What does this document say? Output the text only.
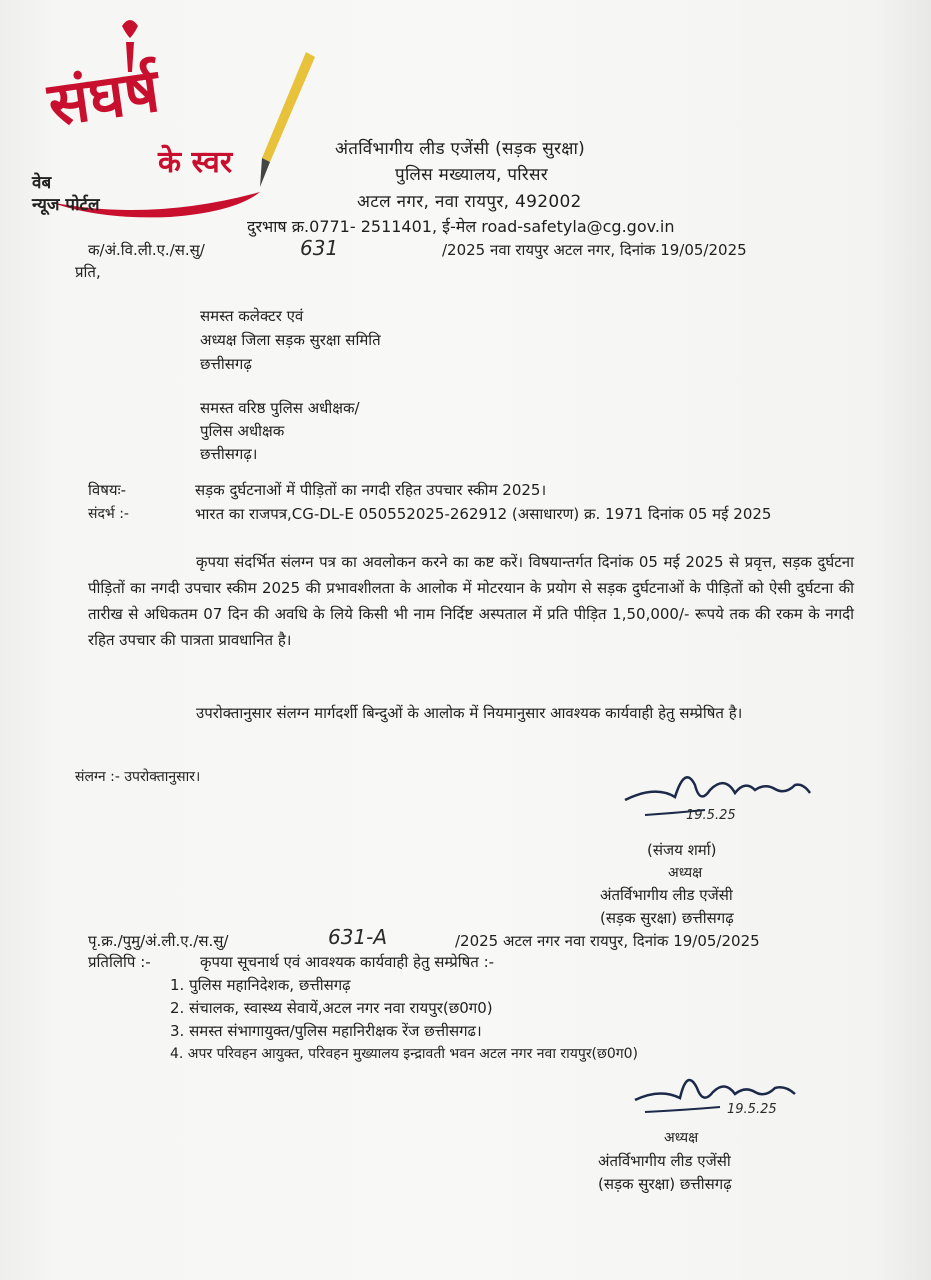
संघर्ष
के स्वर
वेब
न्यूज पोर्टल
अंतर्विभागीय लीड एजेंसी (सड़क सुरक्षा)
पुलिस मख्यालय, परिसर
अटल नगर, नवा रायपुर, 492002
दुरभाष क्र.0771- 2511401, ई-मेल road-safetyla@cg.gov.in
क/अं.वि.ली.ए./स.सु/	631	/2025 नवा रायपुर अटल नगर, दिनांक 19/05/2025
प्रति,
समस्त कलेक्टर एवं
अध्यक्ष जिला सड़क सुरक्षा समिति
छत्तीसगढ़
समस्त वरिष्ठ पुलिस अधीक्षक/
पुलिस अधीक्षक
छत्तीसगढ़।
विषयः-	सड़क दुर्घटनाओं में पीड़ितों का नगदी रहित उपचार स्कीम 2025।
संदर्भ :-	भारत का राजपत्र,CG-DL-E 050552025-262912 (असाधारण) क्र. 1971 दिनांक 05 मई 2025
कृपया संदर्भित संलग्न पत्र का अवलोकन करने का कष्ट करें। विषयान्तर्गत दिनांक 05 मई 2025 से प्रवृत्त, सड़क दुर्घटना पीड़ितों का नगदी उपचार स्कीम 2025 की प्रभावशीलता के आलोक में मोटरयान के प्रयोग से सड़क दुर्घटनाओं के पीड़ितों को ऐसी दुर्घटना की तारीख से अधिकतम 07 दिन की अवधि के लिये किसी भी नाम निर्दिष्ट अस्पताल में प्रति पीड़ित 1,50,000/- रूपये तक की रकम के नगदी रहित उपचार की पात्रता प्रावधानित है।
उपरोक्तानुसार संलग्न मार्गदर्शी बिन्दुओं के आलोक में नियमानुसार आवश्यक कार्यवाही हेतु सम्प्रेषित है।
संलग्न :- उपरोक्तानुसार।
19.5.25
(संजय शर्मा)
अध्यक्ष
अंतर्विभागीय लीड एजेंसी
(सड़क सुरक्षा) छत्तीसगढ़
पृ.क्र./पुमु/अं.ली.ए./स.सु/	631-A	/2025 अटल नगर नवा रायपुर, दिनांक 19/05/2025
प्रतिलिपि :-	कृपया सूचनार्थ एवं आवश्यक कार्यवाही हेतु सम्प्रेषित :-
1. पुलिस महानिदेशक, छत्तीसगढ़
2. संचालक, स्वास्थ्य सेवायें,अटल नगर नवा रायपुर(छ0ग0)
3. समस्त संभागायुक्त/पुलिस महानिरीक्षक रेंज छत्तीसगढ।
4. अपर परिवहन आयुक्त, परिवहन मुख्यालय इन्द्रावती भवन अटल नगर नवा रायपुर(छ0ग0)
19.5.25
अध्यक्ष
अंतर्विभागीय लीड एजेंसी
(सड़क सुरक्षा) छत्तीसगढ़
